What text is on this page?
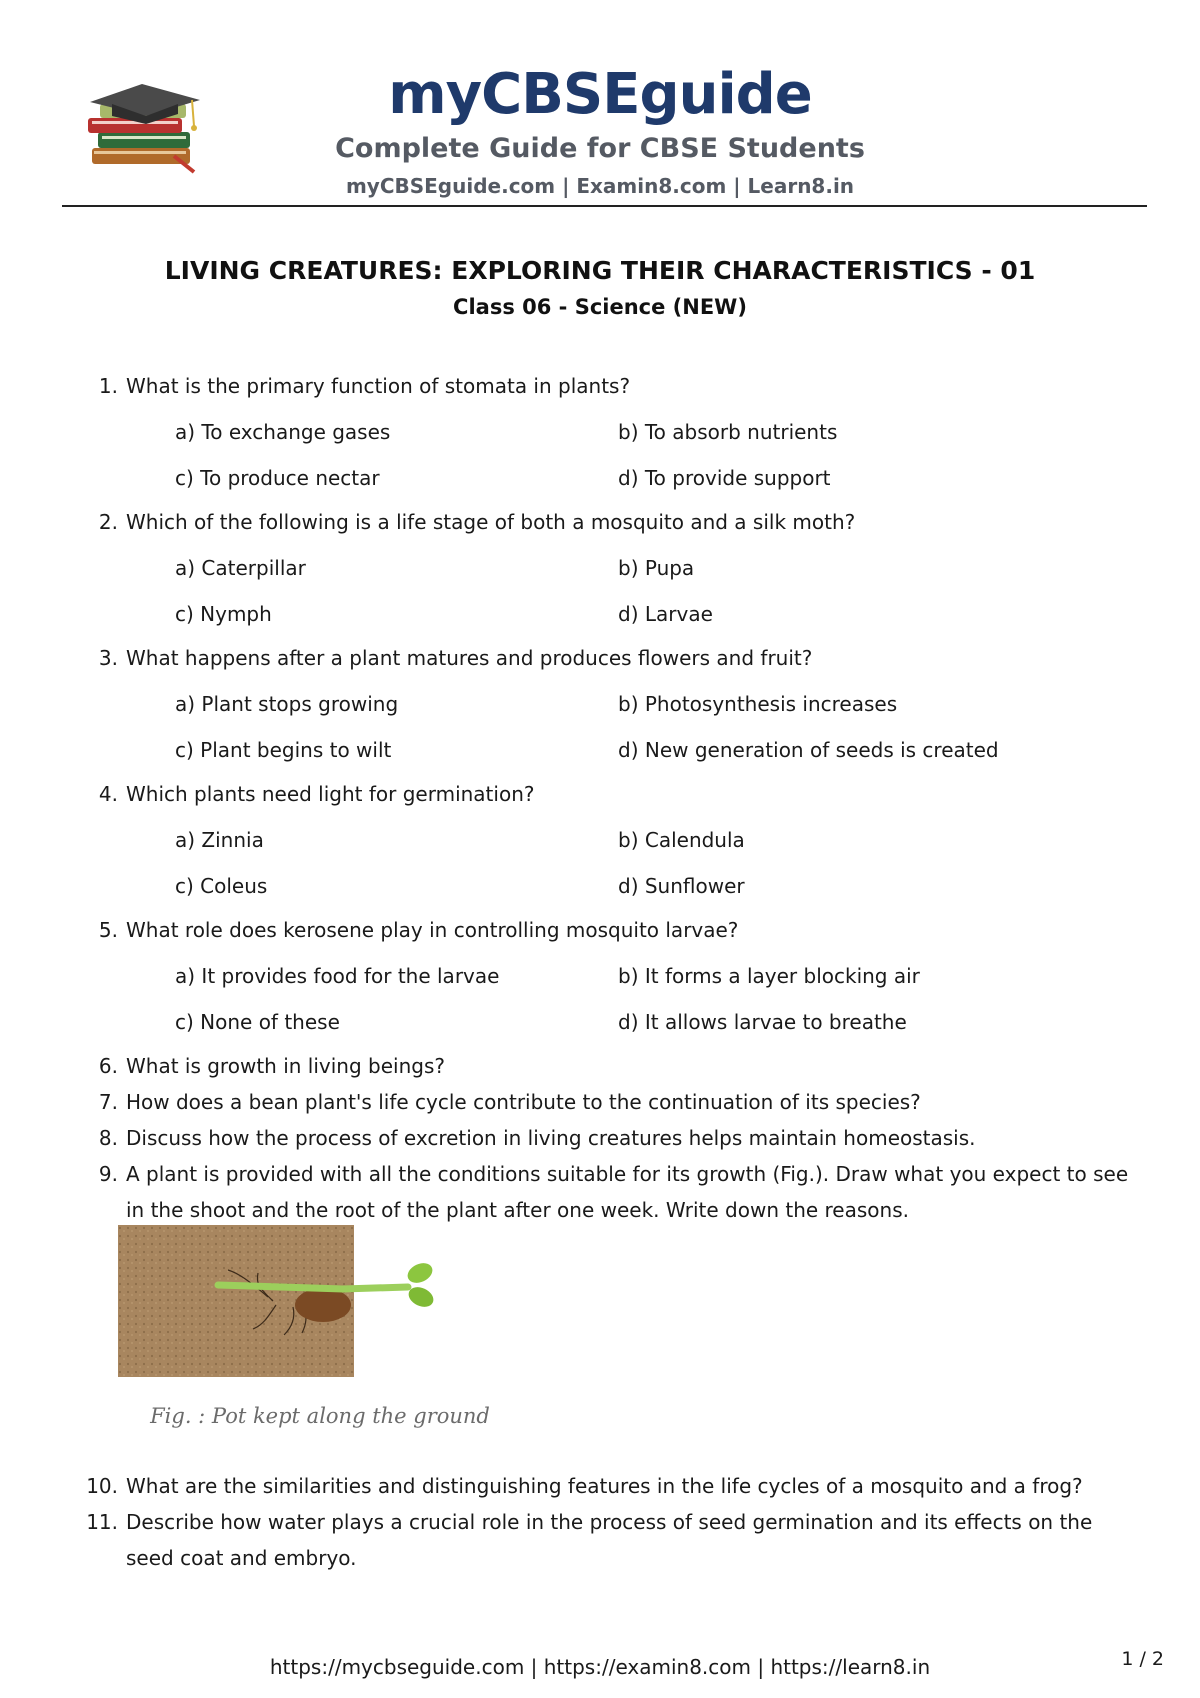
myCBSEguide
Complete Guide for CBSE Students
myCBSEguide.com | Examin8.com | Learn8.in
LIVING CREATURES: EXPLORING THEIR CHARACTERISTICS - 01
Class 06 - Science (NEW)
1. What is the primary function of stomata in plants?
a) To exchange gases	b) To absorb nutrients
c) To produce nectar	d) To provide support
2. Which of the following is a life stage of both a mosquito and a silk moth?
a) Caterpillar	b) Pupa
c) Nymph	d) Larvae
3. What happens after a plant matures and produces flowers and fruit?
a) Plant stops growing	b) Photosynthesis increases
c) Plant begins to wilt	d) New generation of seeds is created
4. Which plants need light for germination?
a) Zinnia	b) Calendula
c) Coleus	d) Sunflower
5. What role does kerosene play in controlling mosquito larvae?
a) It provides food for the larvae	b) It forms a layer blocking air
c) None of these	d) It allows larvae to breathe
6. What is growth in living beings?
7. How does a bean plant's life cycle contribute to the continuation of its species?
8. Discuss how the process of excretion in living creatures helps maintain homeostasis.
9. A plant is provided with all the conditions suitable for its growth (Fig.). Draw what you expect to see in the shoot and the root of the plant after one week. Write down the reasons.
10. What are the similarities and distinguishing features in the life cycles of a mosquito and a frog?
11. Describe how water plays a crucial role in the process of seed germination and its effects on the seed coat and embryo.
Fig. : Pot kept along the ground
https://mycbseguide.com | https://examin8.com | https://learn8.in	1 / 2
